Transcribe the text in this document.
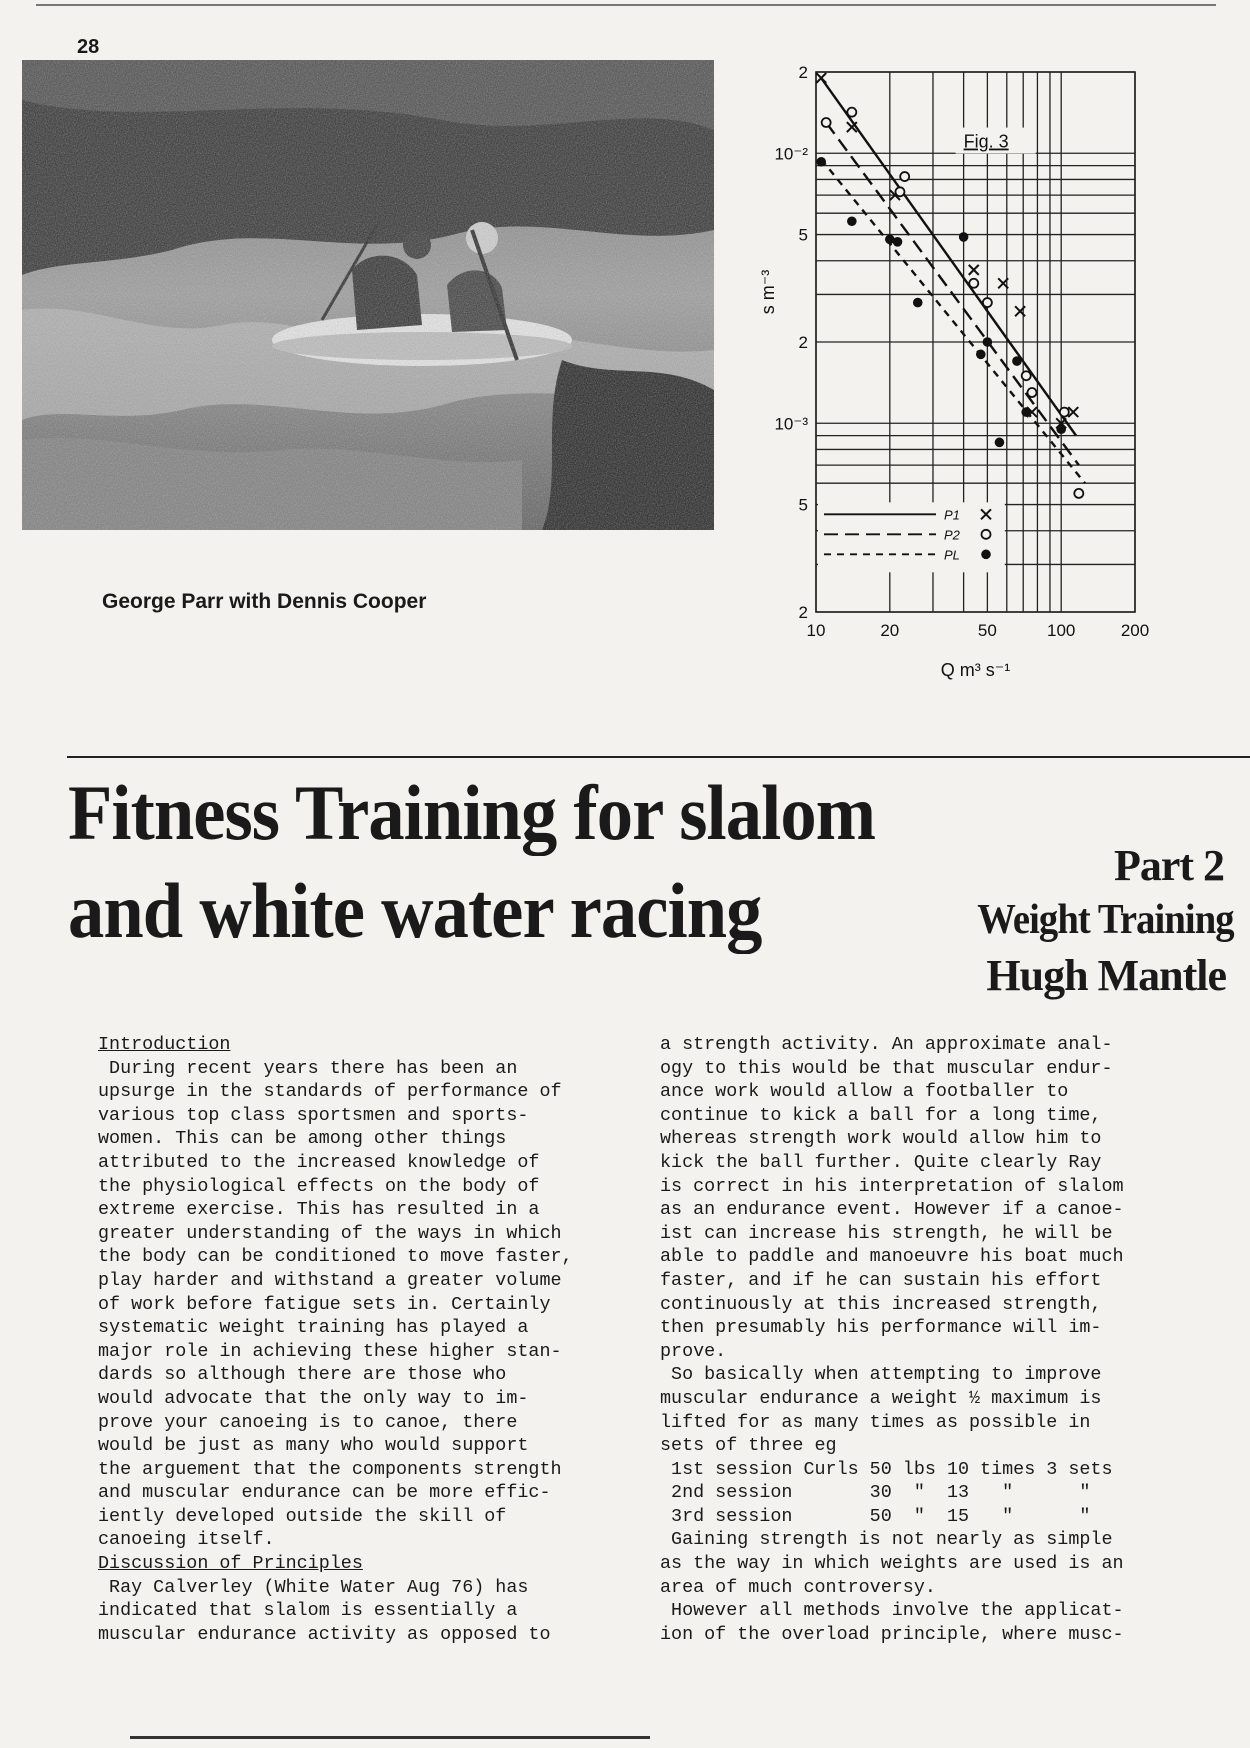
28
George Parr with Dennis Cooper
10	20	50	100	200
2
10⁻²
5
2
10⁻³
5
2
Q m³ s⁻¹
s m⁻³
Fig. 3
P1
P2
PL
Fitness Training for slalom
and white water racing
Part 2
Weight Training
Hugh Mantle
Introduction
During recent years there has been an
upsurge in the standards of performance of
various top class sportsmen and sports-
women. This can be among other things
attributed to the increased knowledge of
the physiological effects on the body of
extreme exercise. This has resulted in a
greater understanding of the ways in which
the body can be conditioned to move faster,
play harder and withstand a greater volume
of work before fatigue sets in. Certainly
systematic weight training has played a
major role in achieving these higher stan-
dards so although there are those who
would advocate that the only way to im-
prove your canoeing is to canoe, there
would be just as many who would support
the arguement that the components strength
and muscular endurance can be more effic-
iently developed outside the skill of
canoeing itself.
Discussion of Principles
Ray Calverley (White Water Aug 76) has
indicated that slalom is essentially a
muscular endurance activity as opposed to
a strength activity. An approximate anal-
ogy to this would be that muscular endur-
ance work would allow a footballer to
continue to kick a ball for a long time,
whereas strength work would allow him to
kick the ball further. Quite clearly Ray
is correct in his interpretation of slalom
as an endurance event. However if a canoe-
ist can increase his strength, he will be
able to paddle and manoeuvre his boat much
faster, and if he can sustain his effort
continuously at this increased strength,
then presumably his performance will im-
prove.
So basically when attempting to improve
muscular endurance a weight ½ maximum is
lifted for as many times as possible in
sets of three eg
1st session Curls 50 lbs 10 times 3 sets
2nd session       30  "  13   "      "
3rd session       50  "  15   "      "
Gaining strength is not nearly as simple
as the way in which weights are used is an
area of much controversy.
However all methods involve the applicat-
ion of the overload principle, where musc-
